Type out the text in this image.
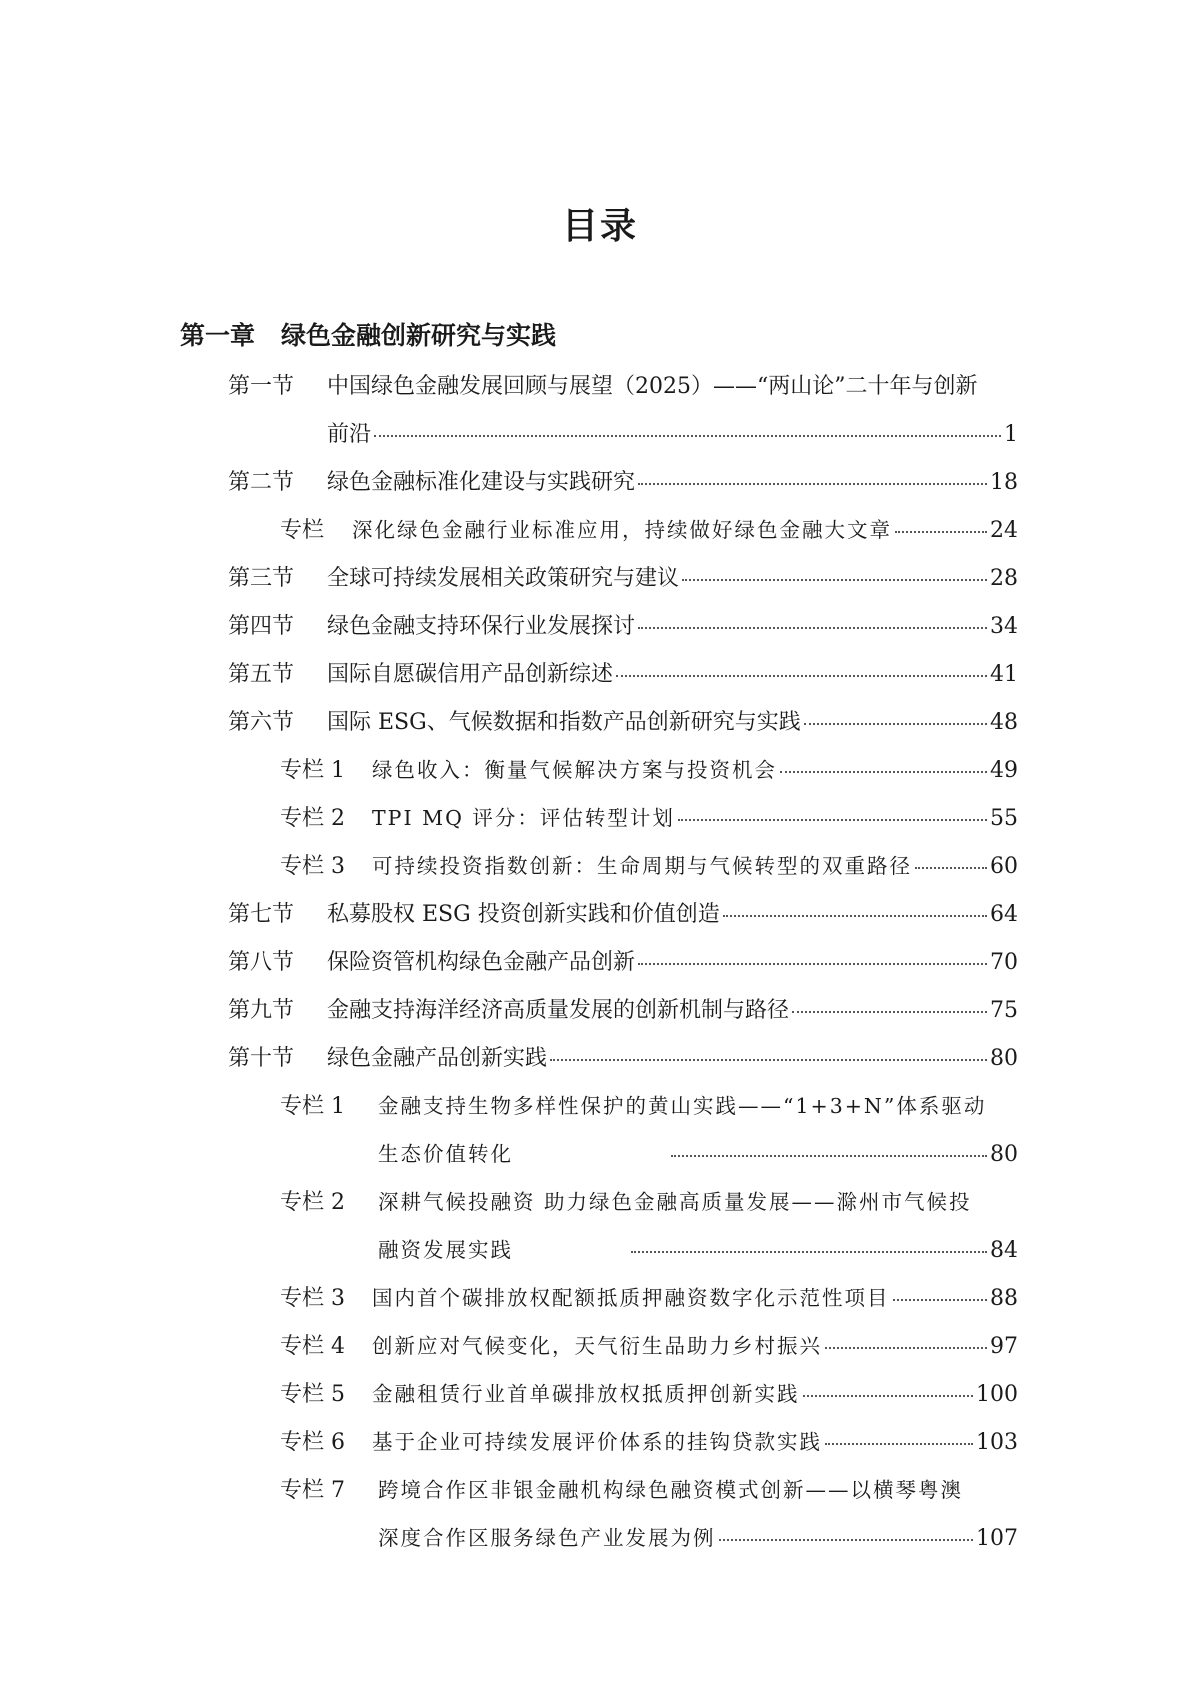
目录
第一章 绿色金融创新研究与实践
第一节	中国绿色金融发展回顾与展望（2025）——“两山论”二十年与创新
前沿	1
第二节	绿色金融标准化建设与实践研究	18
专栏	深化绿色金融行业标准应用，持续做好绿色金融大文章	24
第三节	全球可持续发展相关政策研究与建议	28
第四节	绿色金融支持环保行业发展探讨	34
第五节	国际自愿碳信用产品创新综述	41
第六节	国际 ESG、气候数据和指数产品创新研究与实践	48
专栏 1	绿色收入：衡量气候解决方案与投资机会	49
专栏 2	TPI MQ 评分：评估转型计划	55
专栏 3	可持续投资指数创新：生命周期与气候转型的双重路径	60
第七节	私募股权 ESG 投资创新实践和价值创造	64
第八节	保险资管机构绿色金融产品创新	70
第九节	金融支持海洋经济高质量发展的创新机制与路径	75
第十节	绿色金融产品创新实践	80
专栏 1	金融支持生物多样性保护的黄山实践——“1+3+N”体系驱动
生态价值转化	80
专栏 2	深耕气候投融资 助力绿色金融高质量发展——滁州市气候投
融资发展实践	84
专栏 3	国内首个碳排放权配额抵质押融资数字化示范性项目	88
专栏 4	创新应对气候变化，天气衍生品助力乡村振兴	97
专栏 5	金融租赁行业首单碳排放权抵质押创新实践	100
专栏 6	基于企业可持续发展评价体系的挂钩贷款实践	103
专栏 7	跨境合作区非银金融机构绿色融资模式创新——以横琴粤澳
深度合作区服务绿色产业发展为例	107
